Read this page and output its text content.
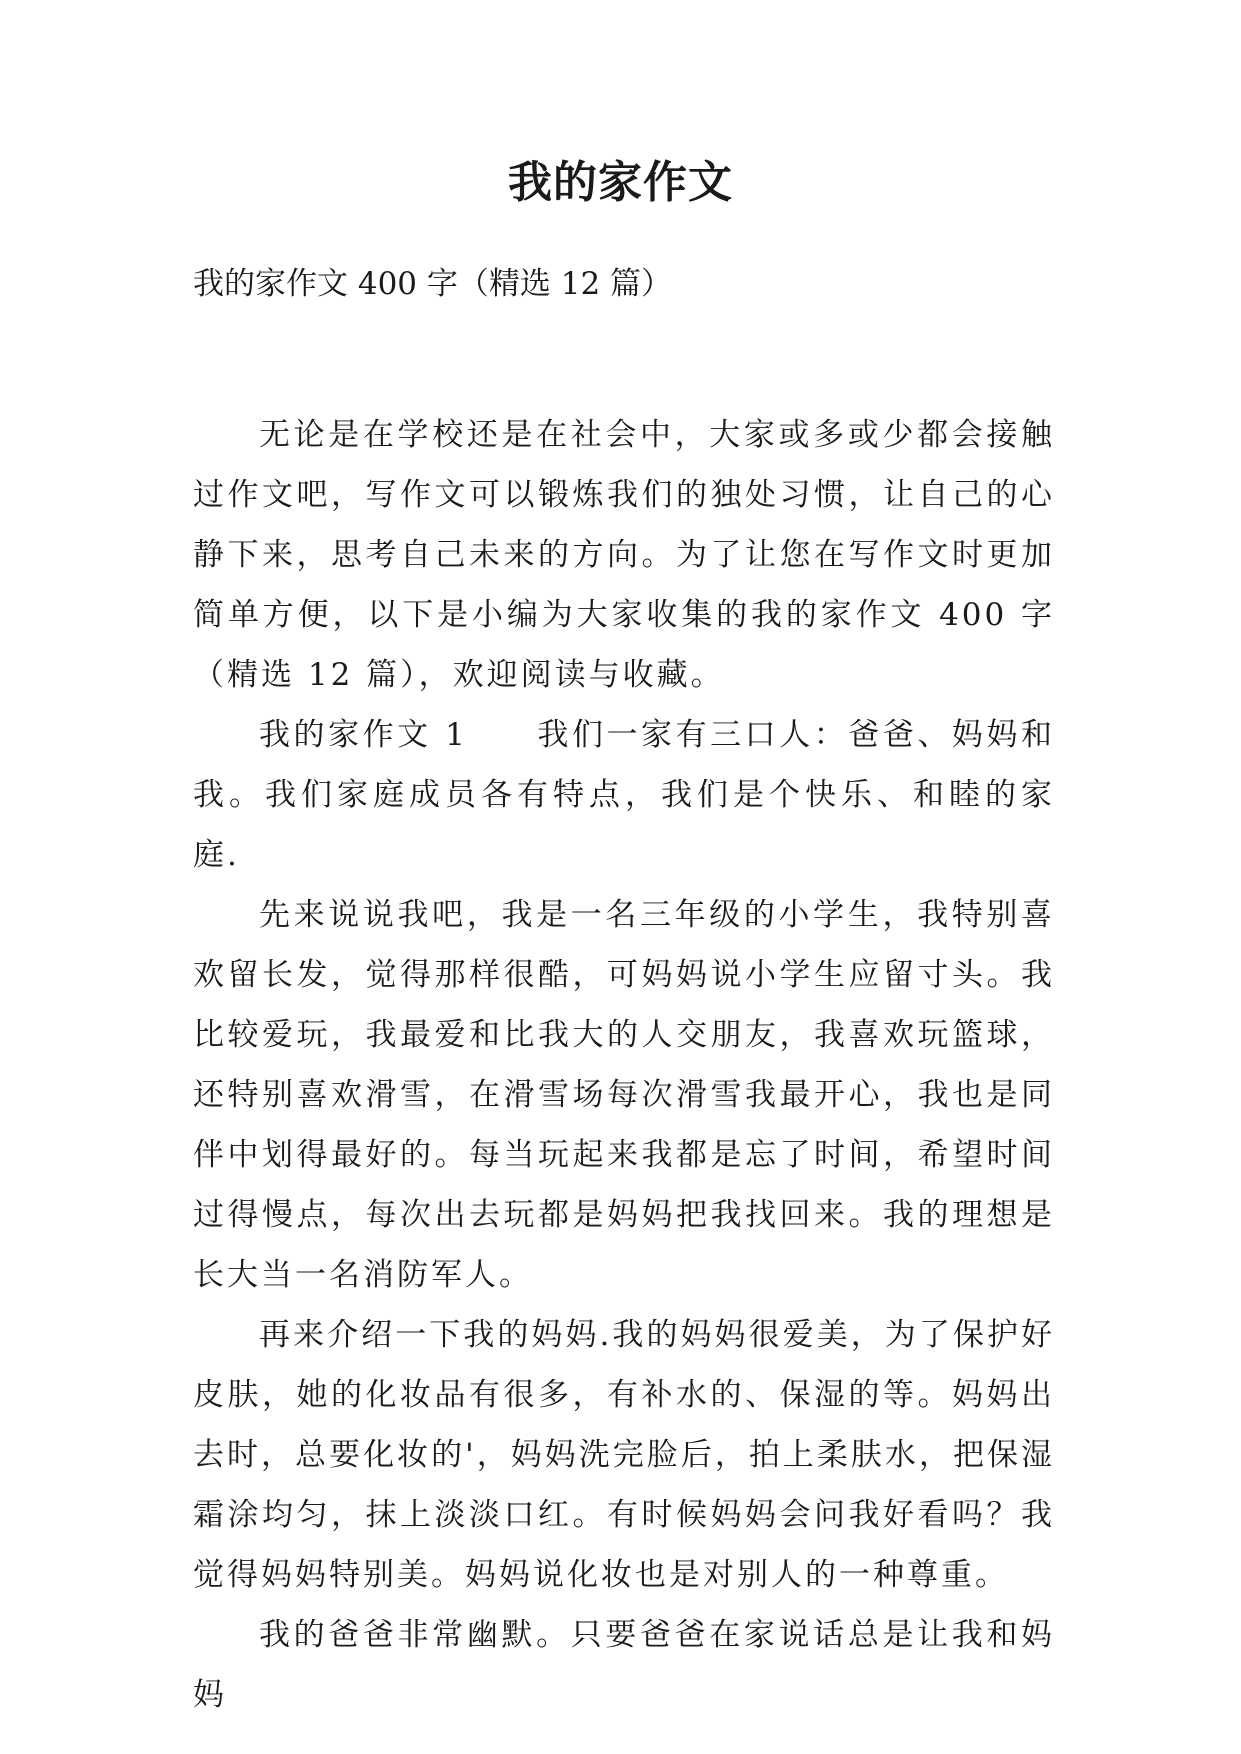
我的家作文

我的家作文 400 字（精选 12 篇）

无论是在学校还是在社会中，大家或多或少都会接触过作文吧，写作文可以锻炼我们的独处习惯，让自己的心静下来，思考自己未来的方向。为了让您在写作文时更加简单方便，以下是小编为大家收集的我的家作文 400 字（精选 12 篇），欢迎阅读与收藏。

我的家作文 1　　我们一家有三口人：爸爸、妈妈和我。我们家庭成员各有特点，我们是个快乐、和睦的家庭.

先来说说我吧，我是一名三年级的小学生，我特别喜欢留长发，觉得那样很酷，可妈妈说小学生应留寸头。我比较爱玩，我最爱和比我大的人交朋友，我喜欢玩篮球，还特别喜欢滑雪，在滑雪场每次滑雪我最开心，我也是同伴中划得最好的。每当玩起来我都是忘了时间，希望时间过得慢点，每次出去玩都是妈妈把我找回来。我的理想是长大当一名消防军人。

再来介绍一下我的妈妈.我的妈妈很爱美，为了保护好皮肤，她的化妆品有很多，有补水的、保湿的等。妈妈出去时，总要化妆的'，妈妈洗完脸后，拍上柔肤水，把保湿霜涂均匀，抹上淡淡口红。有时候妈妈会问我好看吗？我觉得妈妈特别美。妈妈说化妆也是对别人的一种尊重。

我的爸爸非常幽默。只要爸爸在家说话总是让我和妈妈
